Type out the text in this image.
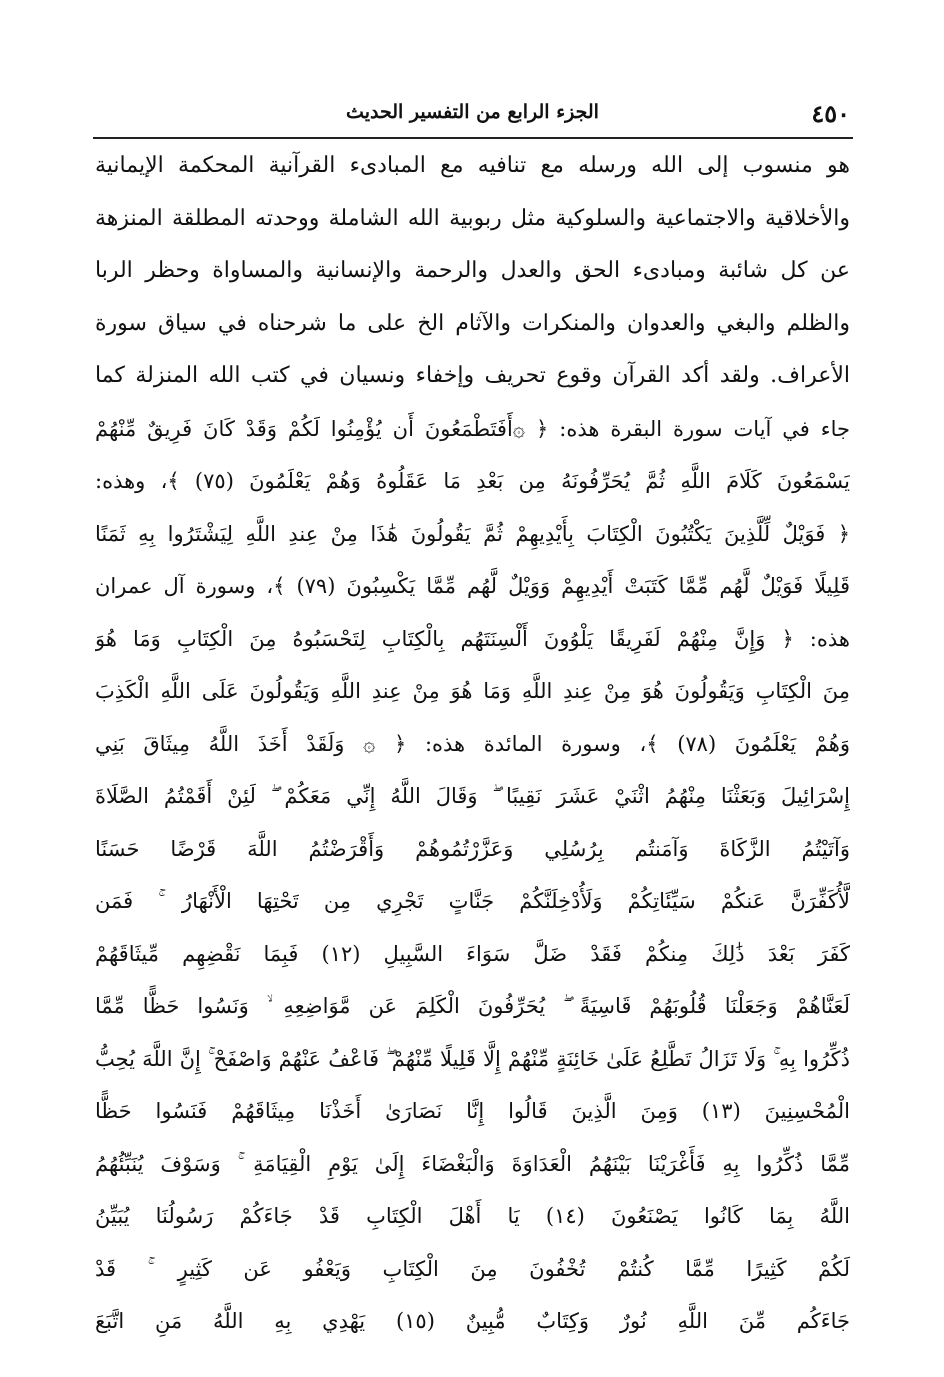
٤٥٠
الجزء الرابع من التفسير الحديث
هو منسوب إلى الله ورسله مع تنافيه مع المبادىء القرآنية المحكمة الإيمانية
والأخلاقية والاجتماعية والسلوكية مثل ربوبية الله الشاملة ووحدته المطلقة المنزهة
عن كل شائبة ومبادىء الحق والعدل والرحمة والإنسانية والمساواة وحظر الربا
والظلم والبغي والعدوان والمنكرات والآثام الخ على ما شرحناه في سياق سورة
الأعراف. ولقد أكد القرآن وقوع تحريف وإخفاء ونسيان في كتب الله المنزلة كما
جاء في آيات سورة البقرة هذه: ﴿ ۞أَفَتَطْمَعُونَ أَن يُؤْمِنُوا لَكُمْ وَقَدْ كَانَ فَرِيقٌ مِّنْهُمْ
يَسْمَعُونَ كَلَامَ اللَّهِ ثُمَّ يُحَرِّفُونَهُ مِن بَعْدِ مَا عَقَلُوهُ وَهُمْ يَعْلَمُونَ (٧٥) ﴾، وهذه:
﴿ فَوَيْلٌ لِّلَّذِينَ يَكْتُبُونَ الْكِتَابَ بِأَيْدِيهِمْ ثُمَّ يَقُولُونَ هَٰذَا مِنْ عِندِ اللَّهِ لِيَشْتَرُوا بِهِ ثَمَنًا
قَلِيلًا فَوَيْلٌ لَّهُم مِّمَّا كَتَبَتْ أَيْدِيهِمْ وَوَيْلٌ لَّهُم مِّمَّا يَكْسِبُونَ (٧٩) ﴾، وسورة آل عمران
هذه: ﴿ وَإِنَّ مِنْهُمْ لَفَرِيقًا يَلْوُونَ أَلْسِنَتَهُم بِالْكِتَابِ لِتَحْسَبُوهُ مِنَ الْكِتَابِ وَمَا هُوَ
مِنَ الْكِتَابِ وَيَقُولُونَ هُوَ مِنْ عِندِ اللَّهِ وَمَا هُوَ مِنْ عِندِ اللَّهِ وَيَقُولُونَ عَلَى اللَّهِ الْكَذِبَ
وَهُمْ يَعْلَمُونَ (٧٨) ﴾، وسورة المائدة هذه: ﴿ ۞ وَلَقَدْ أَخَذَ اللَّهُ مِيثَاقَ بَنِي
إِسْرَائِيلَ وَبَعَثْنَا مِنْهُمُ اثْنَيْ عَشَرَ نَقِيبًا ۖ وَقَالَ اللَّهُ إِنِّي مَعَكُمْ ۖ لَئِنْ أَقَمْتُمُ الصَّلَاةَ
وَآتَيْتُمُ الزَّكَاةَ وَآمَنتُم بِرُسُلِي وَعَزَّرْتُمُوهُمْ وَأَقْرَضْتُمُ اللَّهَ قَرْضًا حَسَنًا
لَّأُكَفِّرَنَّ عَنكُمْ سَيِّئَاتِكُمْ وَلَأُدْخِلَنَّكُمْ جَنَّاتٍ تَجْرِي مِن تَحْتِهَا الْأَنْهَارُ ۚ فَمَن
كَفَرَ بَعْدَ ذَٰلِكَ مِنكُمْ فَقَدْ ضَلَّ سَوَاءَ السَّبِيلِ (١٢) فَبِمَا نَقْضِهِم مِّيثَاقَهُمْ
لَعَنَّاهُمْ وَجَعَلْنَا قُلُوبَهُمْ قَاسِيَةً ۖ يُحَرِّفُونَ الْكَلِمَ عَن مَّوَاضِعِهِ ۙ وَنَسُوا حَظًّا مِّمَّا
ذُكِّرُوا بِهِ ۚ وَلَا تَزَالُ تَطَّلِعُ عَلَىٰ خَائِنَةٍ مِّنْهُمْ إِلَّا قَلِيلًا مِّنْهُمْ ۖ فَاعْفُ عَنْهُمْ وَاصْفَحْ ۚ إِنَّ اللَّهَ يُحِبُّ
الْمُحْسِنِينَ (١٣) وَمِنَ الَّذِينَ قَالُوا إِنَّا نَصَارَىٰ أَخَذْنَا مِيثَاقَهُمْ فَنَسُوا حَظًّا
مِّمَّا ذُكِّرُوا بِهِ فَأَغْرَيْنَا بَيْنَهُمُ الْعَدَاوَةَ وَالْبَغْضَاءَ إِلَىٰ يَوْمِ الْقِيَامَةِ ۚ وَسَوْفَ يُنَبِّئُهُمُ
اللَّهُ بِمَا كَانُوا يَصْنَعُونَ (١٤) يَا أَهْلَ الْكِتَابِ قَدْ جَاءَكُمْ رَسُولُنَا يُبَيِّنُ
لَكُمْ كَثِيرًا مِّمَّا كُنتُمْ تُخْفُونَ مِنَ الْكِتَابِ وَيَعْفُو عَن كَثِيرٍ ۚ قَدْ
جَاءَكُم مِّنَ اللَّهِ نُورٌ وَكِتَابٌ مُّبِينٌ (١٥) يَهْدِي بِهِ اللَّهُ مَنِ اتَّبَعَ
